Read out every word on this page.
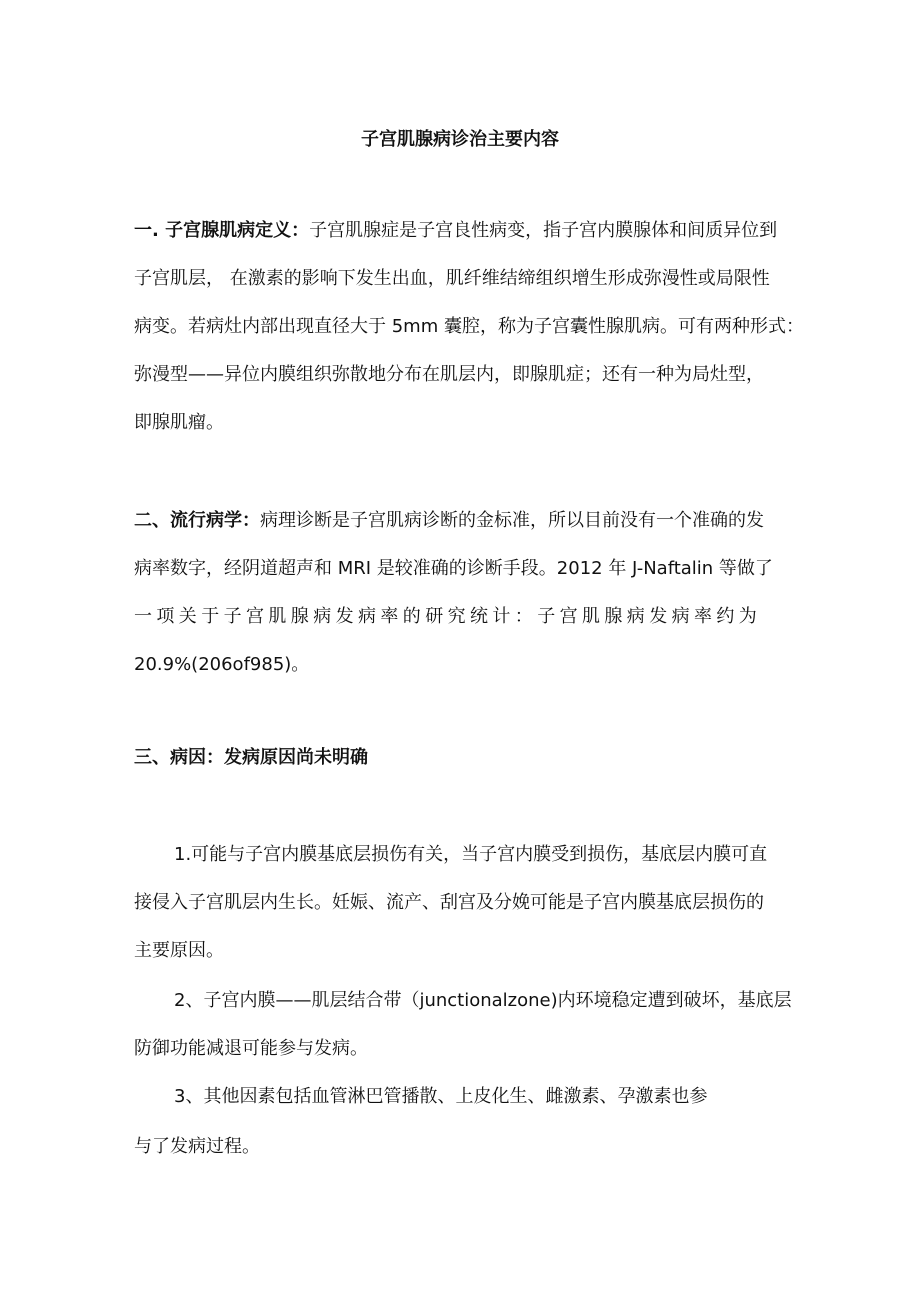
子宫肌腺病诊治主要内容
一. 子宫腺肌病定义：子宫肌腺症是子宫良性病变，指子宫内膜腺体和间质异位到
子宫肌层， 在激素的影响下发生出血，肌纤维结缔组织增生形成弥漫性或局限性
病变。若病灶内部出现直径大于 5mm 囊腔，称为子宫囊性腺肌病。可有两种形式：
弥漫型——异位内膜组织弥散地分布在肌层内，即腺肌症；还有一种为局灶型，
即腺肌瘤。
二、流行病学：病理诊断是子宫肌病诊断的金标准，所以目前没有一个准确的发
病率数字，经阴道超声和 MRI 是较准确的诊断手段。2012 年 J-Naftalin 等做了
一项关于子宫肌腺病发病率的研究统计：子宫肌腺病发病率约为
20.9%(206of985)。
三、病因：发病原因尚未明确
1.可能与子宫内膜基底层损伤有关，当子宫内膜受到损伤，基底层内膜可直
接侵入子宫肌层内生长。妊娠、流产、刮宫及分娩可能是子宫内膜基底层损伤的
主要原因。
2、子宫内膜——肌层结合带（junctionalzone)内环境稳定遭到破坏，基底层
防御功能减退可能参与发病。
3、其他因素包括血管淋巴管播散、上皮化生、雌激素、孕激素也参
与了发病过程。
